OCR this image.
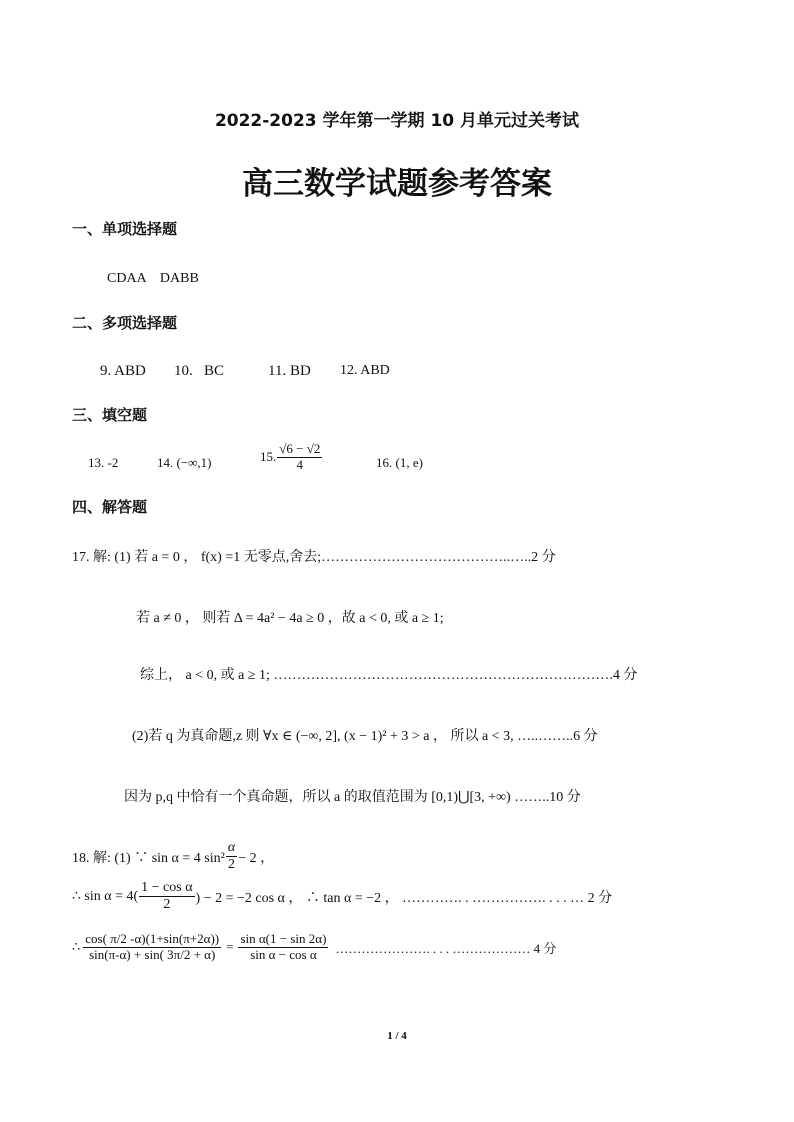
2022-2023 学年第一学期 10 月单元过关考试
高三数学试题参考答案
一、单项选择题
CDAA    DABB
二、多项选择题
9. ABD 10.   BC	11. BD 12. ABD
三、填空题
13. -2	14. (−∞,1)	15. $\frac{√6 - √2}{4}$	16. (1, e)
四、解答题
17. 解: (1) 若 a = 0 ， f(x) =1 无零点,舍去;…………………………………..…..2 分
若 a ≠ 0 ， 则若 Δ = 4a² − 4a ≥ 0 ，故 a < 0, 或 a ≥ 1;
综上， a < 0, 或 a ≥ 1; ……………………………………………………………….4 分
(2)若 q 为真命题,z 则 ∀x ∈ (−∞, 2], (x − 1)² + 3 > a ， 所以 a < 3, …..……..6 分
因为 p,q 中恰有一个真命题，所以 a 的取值范围为 [0,1)⋃[3, +∞) ……..10 分
18. 解: (1) ∵ sin α = 4 $\sin^2 \frac{\alpha}{2} - 2$ ，
∴ $\sin \alpha = 4( \frac{\text{1 − cos α}}{2}$ ) − 2 = −2 cos α ， ∴ tan α = −2 ， …………. . ……………. . . . … 2 分
∴ $\frac{\cos( \pi/2 -\alpha)(1+\sin(\pi+2\alpha))}{\sin(\pi-\alpha) + \sin( 3\pi/2 + \alpha)} = \frac{\text{sin α(1 − sin 2α)}}{\text{sin α − cos α}}$ …………………. . . . ……………… 4 分
1 / 4
